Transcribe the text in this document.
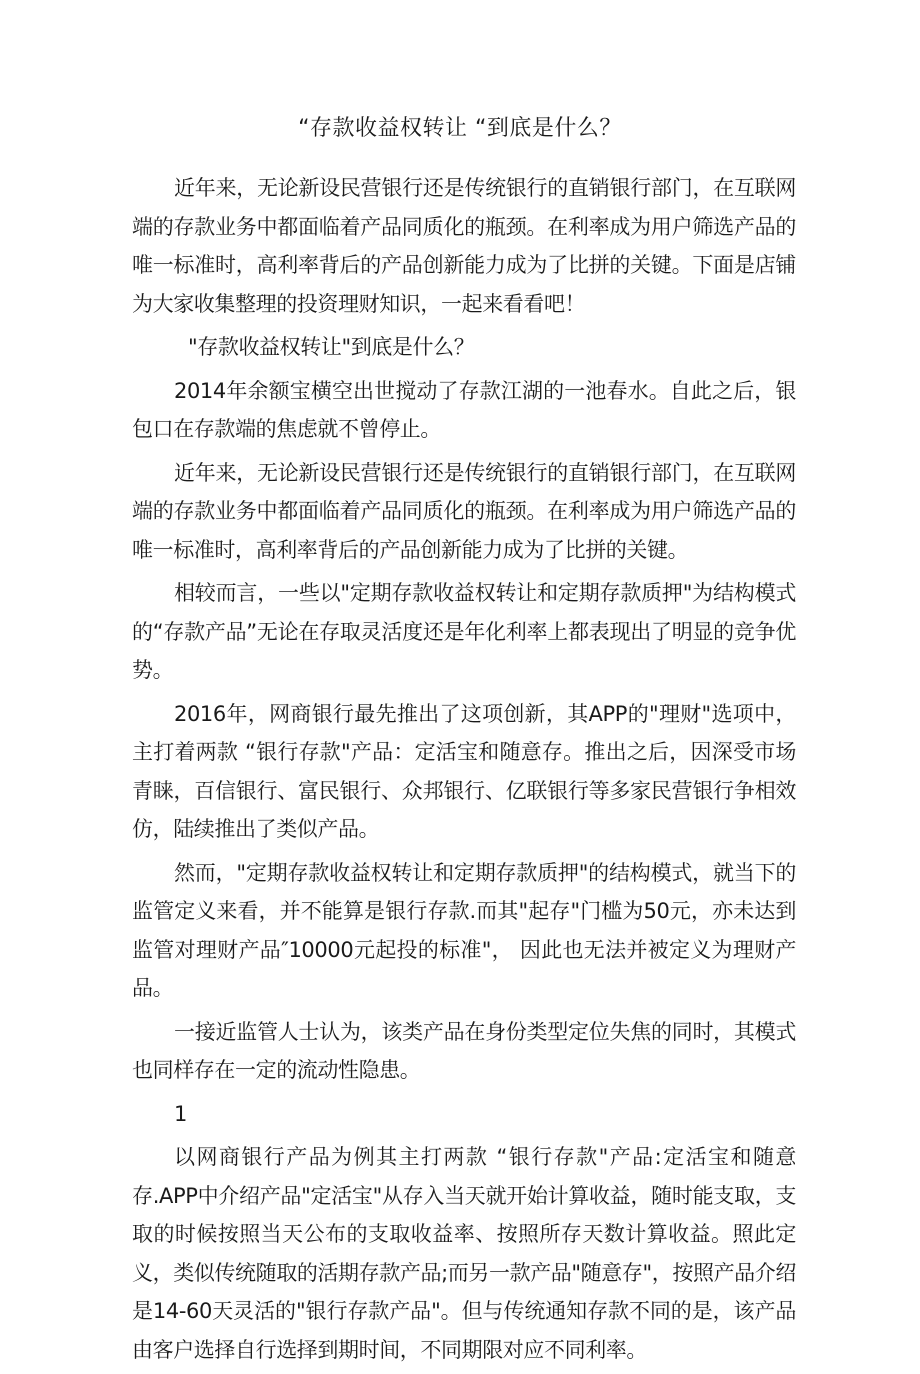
“存款收益权转让 “到底是什么？

近年来，无论新设民营银行还是传统银行的直销银行部门，在互联网端的存款业务中都面临着产品同质化的瓶颈。在利率成为用户筛选产品的唯一标准时，高利率背后的产品创新能力成为了比拼的关键。下面是店铺为大家收集整理的投资理财知识，一起来看看吧！

"存款收益权转让"到底是什么？

2014年余额宝横空出世搅动了存款江湖的一池春水。自此之后，银包口在存款端的焦虑就不曾停止。

近年来，无论新设民营银行还是传统银行的直销银行部门，在互联网端的存款业务中都面临着产品同质化的瓶颈。在利率成为用户筛选产品的唯一标准时，高利率背后的产品创新能力成为了比拼的关键。

相较而言，一些以"定期存款收益权转让和定期存款质押"为结构模式的“存款产品”无论在存取灵活度还是年化利率上都表现出了明显的竞争优势。

2016年，网商银行最先推出了这项创新，其APP的"理财"选项中，主打着两款 “银行存款"产品：定活宝和随意存。推出之后，因深受市场青睐，百信银行、富民银行、众邦银行、亿联银行等多家民营银行争相效仿，陆续推出了类似产品。

然而，"定期存款收益权转让和定期存款质押"的结构模式，就当下的监管定义来看，并不能算是银行存款.而其"起存"门槛为50元，亦未达到监管对理财产品″10000元起投的标准"， 因此也无法并被定义为理财产品。

一接近监管人士认为，该类产品在身份类型定位失焦的同时，其模式也同样存在一定的流动性隐患。

1

以网商银行产品为例其主打两款 “银行存款"产品:定活宝和随意存.APP中介绍产品"定活宝"从存入当天就开始计算收益，随时能支取，支取的时候按照当天公布的支取收益率、按照所存天数计算收益。照此定义，类似传统随取的活期存款产品;而另一款产品"随意存"，按照产品介绍是14-60天灵活的"银行存款产品"。但与传统通知存款不同的是，该产品由客户选择自行选择到期时间，不同期限对应不同利率。
